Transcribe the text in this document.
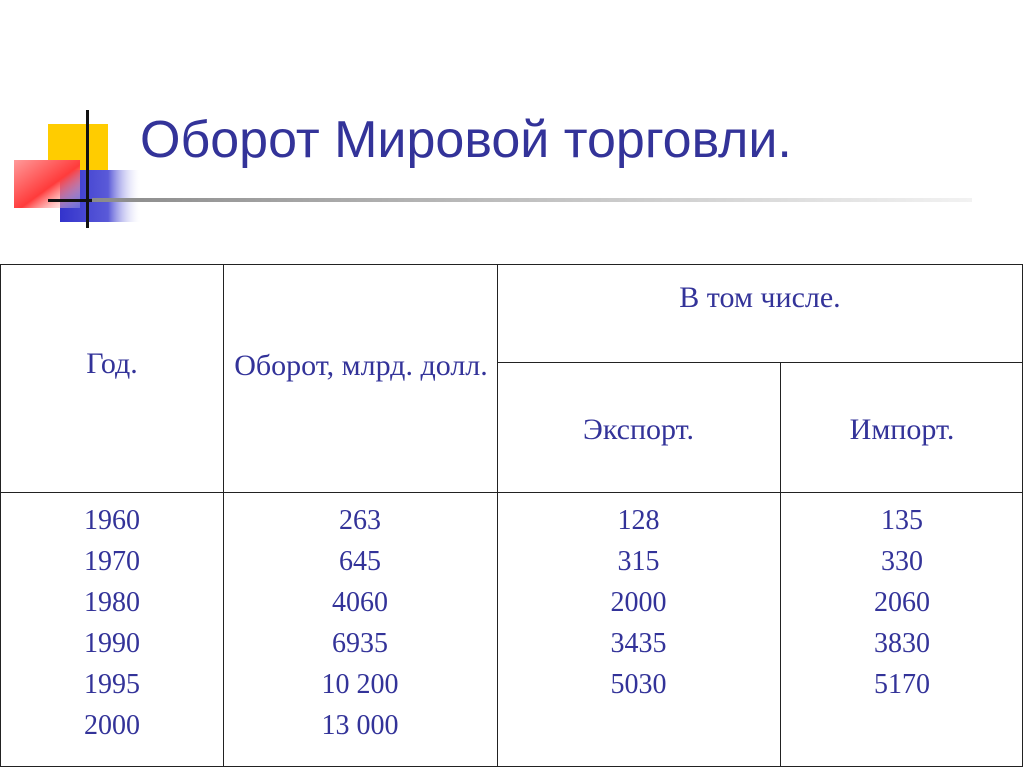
Оборот Мировой торговли.
Год.	Оборот, млрд. долл.
В том числе.
Экспорт.	Импорт.
1960
1970
1980
1990
1995
2000
263
645
4060
6935
10 200
13 000
128
315
2000
3435
5030
135
330
2060
3830
5170
